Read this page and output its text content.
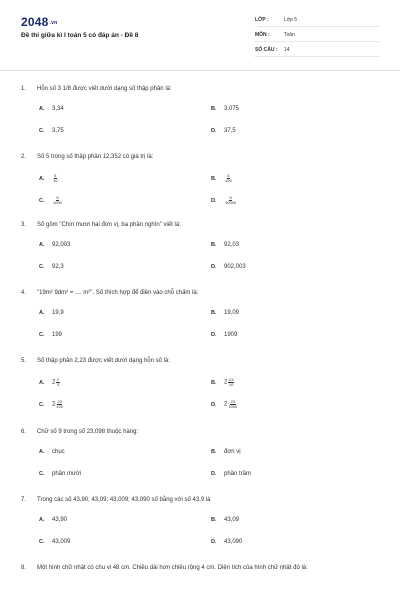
2048.vn
Đề thi giữa kì I toán 5 có đáp án - Đề 8
LỚP :	Lớp 5
MÔN :	Toán
SỐ CÂU : 14
1. Hỗn số 3 1/8 được viết dưới dạng số thập phân là:
A. 3,34	B. 3,075
C. 3,75	D. 37,5
2. Số 5 trong số thập phân 12,352 có giá trị là:
A. $\frac{5}{10}$	B. $\frac{5}{100}$
C. $\frac{5}{1000}$	D. $\frac{5}{10000}$
3. Số gồm "Chín mươi hai đơn vị, ba phần nghìn" viết là:
A. 92,003	B. 92,03
C. 92,3	D. 902,003
4. "19m² 9dm² = .... m²". Số thích hợp để điền vào chỗ chấm là:
A. 19,9	B. 19,09
C. 199	D. 1909
5. Số thập phân 2,23 được viết dưới dạng hỗn số là:
A. $2 \frac{2}{3}$	B. $2 \frac{23}{10}$
C. $2 \frac{23}{100}$	D. $2 \frac{23}{1000}$
6. Chữ số 9 trong số 23,098 thuộc hàng:
A. chục	B. đơn vị
C. phần mười	D. phần trăm
7. Trong các số 43,90; 43,09; 43,009; 43,090 số bằng với số 43,9 là
A. 43,90	B. 43,09
C. 43,009	D. 43,090
8. Một hình chữ nhật có chu vi 48 cm. Chiều dài hơn chiều rộng 4 cm. Diện tích của hình chữ nhật đó là:
